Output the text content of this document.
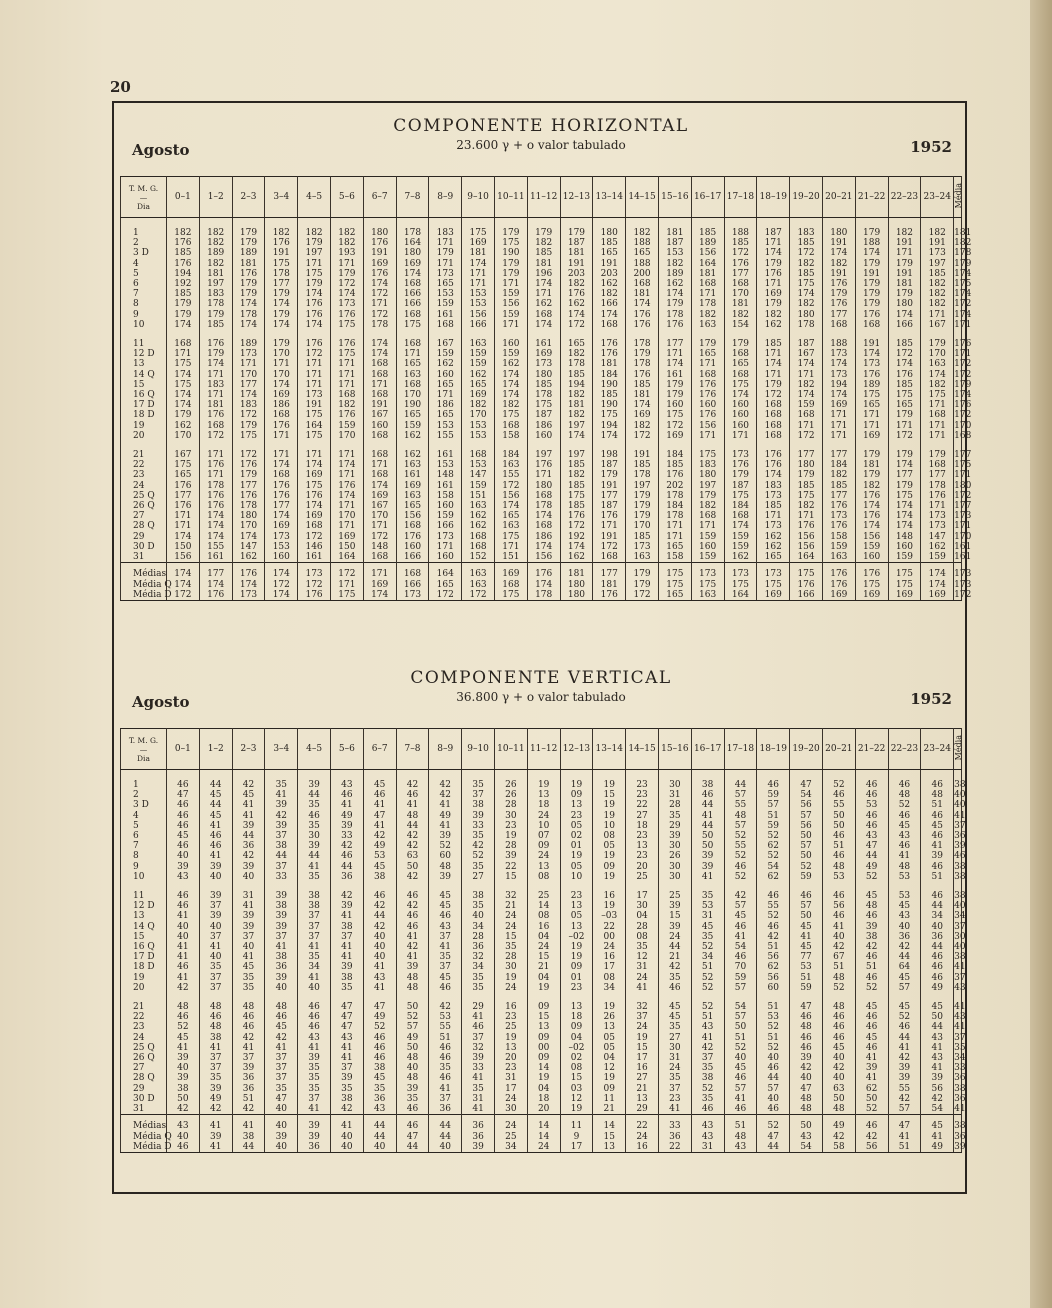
20
COMPONENTE HORIZONTAL
23.600 γ + o valor tabulado
Agosto	1952
T. M. G.
—
Dia	0–1	1–2	2–3	3–4	4–5	5–6	6–7	7–8	8–9	9–10	10–11	11–12	12–13	13–14	14–15	15–16	16–17	17–18	18–19	19–20	20–21	21–22	22–23	23–24	Média

1	182	182	179	182	182	182	180	178	183	175	179	179	179	180	182	181	185	188	187	183	180	179	182	182	181
2	176	182	179	176	179	182	176	164	171	169	175	182	187	185	188	187	189	185	171	185	191	188	191	191	182
3 D	185	189	189	191	197	193	191	180	179	181	190	185	181	165	165	153	156	172	174	172	174	174	171	173	178
4	176	182	181	175	171	171	169	169	171	174	179	181	191	191	188	182	164	176	179	182	182	179	179	197	179
5	194	181	176	178	175	179	176	174	173	171	179	196	203	203	200	189	181	177	176	185	191	191	191	185	174
6	192	197	179	177	179	172	174	168	165	171	171	174	182	162	168	162	168	168	171	175	176	179	181	182	175
7	185	183	179	179	174	174	172	166	153	153	159	171	176	182	181	174	171	170	169	174	179	179	179	182	174
8	179	178	174	174	176	173	171	166	159	153	156	162	162	166	174	179	178	181	179	182	176	179	180	182	172
9	179	179	178	179	176	176	172	168	161	156	159	168	174	174	176	178	182	182	182	180	177	176	174	171	174
10	174	185	174	174	174	175	178	175	168	166	171	174	172	168	176	176	163	154	162	178	168	168	166	167	171

11	168	176	189	179	176	176	174	168	167	163	160	161	165	176	178	177	179	179	185	187	188	191	185	179	176
12 D	171	179	173	170	172	175	174	171	159	159	159	169	182	176	179	171	165	168	171	167	173	174	172	170	171
13	175	174	171	171	171	171	168	165	162	159	162	173	178	181	178	174	171	165	174	174	174	173	174	163	172
14 Q	174	171	170	170	171	171	168	163	160	162	174	180	185	184	176	161	168	168	171	171	173	176	176	174	172
15	175	183	177	174	171	171	171	168	165	165	174	185	194	190	185	179	176	175	179	182	194	189	185	182	179
16 Q	174	171	174	169	173	168	168	170	171	169	174	178	182	185	181	179	176	174	172	174	174	175	175	175	174
17 D	174	181	183	186	191	182	191	190	186	182	182	175	181	190	174	160	160	160	168	159	169	165	165	171	176
18 D	179	176	172	168	175	176	167	165	165	170	175	187	182	175	169	175	176	160	168	168	171	171	179	168	172
19	162	168	179	176	164	159	160	159	153	153	168	186	197	194	182	172	156	160	168	171	171	171	171	171	170
20	170	172	175	171	175	170	168	162	155	153	158	160	174	174	172	169	171	171	168	172	171	169	172	171	168

21	167	171	172	171	171	171	168	162	161	168	184	197	197	198	191	184	175	173	176	177	177	179	179	179	177
22	175	176	176	174	174	174	171	163	153	153	163	176	185	187	185	185	183	176	176	180	184	181	174	168	175
23	165	171	179	168	169	171	168	161	148	147	155	171	182	179	178	176	180	179	174	179	182	179	177	177	171
24	176	178	177	176	175	176	174	169	161	159	172	180	185	191	197	202	197	187	183	185	185	182	179	178	180
25 Q	177	176	176	176	176	174	169	163	158	151	156	168	175	177	179	178	179	175	173	175	177	176	175	176	172
26 Q	176	176	178	177	174	171	167	165	160	163	174	178	185	187	179	184	182	184	185	182	176	174	174	171	177
27	171	174	180	174	169	170	170	156	159	162	165	174	176	176	179	178	168	168	171	171	173	176	174	173	173
28 Q	171	174	170	169	168	171	171	168	166	162	163	168	172	171	170	171	171	174	173	176	176	174	174	173	171
29	174	174	174	173	172	169	172	176	173	168	175	186	192	191	185	171	159	159	162	156	158	156	148	147	170
30 D	150	155	147	153	146	150	148	160	171	168	171	174	174	172	173	165	160	159	162	156	159	159	160	162	161
31	156	161	162	160	161	164	168	166	160	152	151	156	162	168	163	158	159	162	165	164	163	160	159	159	161
Médias	174	177	176	174	173	172	171	168	164	163	169	176	181	177	179	175	173	173	173	175	176	176	175	174	173
Média Q	174	174	174	172	172	171	169	166	165	163	168	174	180	181	179	175	175	175	175	176	176	175	175	174	173
Média D	172	176	173	174	176	175	174	173	172	172	175	178	180	176	172	165	163	164	169	166	169	169	169	169	172
COMPONENTE VERTICAL
36.800 γ + o valor tabulado
Agosto	1952
T. M. G.
—
Dia	0–1	1–2	2–3	3–4	4–5	5–6	6–7	7–8	8–9	9–10	10–11	11–12	12–13	13–14	14–15	15–16	16–17	17–18	18–19	19–20	20–21	21–22	22–23	23–24	Média

1	46	44	42	35	39	43	45	42	42	35	26	19	19	19	23	30	38	44	46	47	52	46	46	46	38
2	47	45	45	41	44	46	46	46	42	37	26	13	09	15	23	31	46	57	59	54	46	46	48	48	40
3 D	46	44	41	39	35	41	41	41	41	38	28	18	13	19	22	28	44	55	57	56	55	53	52	51	40
4	46	45	41	42	46	49	47	48	49	39	30	24	23	19	27	35	41	48	51	57	50	46	46	46	41
5	46	41	39	39	35	39	41	44	41	33	23	10	05	10	18	29	44	57	59	56	50	46	45	45	37
6	45	46	44	37	30	33	42	42	39	35	19	07	02	08	23	39	50	52	52	50	46	43	43	46	36
7	46	46	36	38	39	42	49	42	52	42	28	09	01	05	13	30	50	55	62	57	51	47	46	41	39
8	40	41	42	44	44	46	53	63	60	52	39	24	19	19	23	26	39	52	52	50	46	44	41	39	46
9	39	39	39	37	41	44	45	50	48	35	22	13	05	09	20	30	39	46	54	52	48	49	48	46	38
10	43	40	40	33	35	36	38	42	39	27	15	08	10	19	25	30	41	52	62	59	53	52	53	51	38

11	46	39	31	39	38	42	46	46	45	38	32	25	23	16	17	25	35	42	46	46	46	45	53	46	38
12 D	46	37	41	38	38	39	42	42	45	35	21	14	13	19	30	39	53	57	55	57	56	48	45	44	40
13	41	39	39	39	37	41	44	46	46	40	24	08	05	–03	04	15	31	45	52	50	46	46	43	34	34
14 Q	40	40	39	39	37	38	42	46	43	34	24	16	13	22	28	39	45	46	46	45	41	39	40	40	37
15	40	37	37	37	37	37	40	41	37	28	15	04	–02	00	08	24	35	41	42	41	40	38	36	36	30
16 Q	41	41	40	41	41	41	40	42	41	36	35	24	19	24	35	44	52	54	51	45	42	42	42	44	40
17 D	41	40	41	38	35	41	40	41	35	32	28	15	19	16	12	21	34	46	56	77	67	46	44	46	38
18 D	46	35	45	36	34	39	41	39	37	34	30	21	09	17	31	42	51	70	62	53	51	51	64	46	41
19	41	37	35	39	41	38	43	48	45	35	19	04	01	08	24	35	52	59	56	51	48	46	45	46	37
20	42	37	35	40	40	35	41	48	46	35	24	19	23	34	41	46	52	57	60	59	52	52	57	49	43

21	48	48	48	48	46	47	47	50	42	29	16	09	13	19	32	45	52	54	51	47	48	45	45	45	41
22	46	46	46	46	46	47	49	52	53	41	23	15	18	26	37	45	51	57	53	46	46	46	52	50	43
23	52	48	46	45	46	47	52	57	55	46	25	13	09	13	24	35	43	50	52	48	46	46	46	44	41
24	45	38	42	42	43	43	46	49	51	37	19	09	04	05	19	27	41	51	51	46	46	45	44	43	37
25 Q	41	41	41	41	41	41	46	50	46	32	13	00	–02	05	15	30	42	52	52	46	45	46	41	41	35
26 Q	39	37	37	37	39	41	46	48	46	39	20	09	02	04	17	31	37	40	40	39	40	41	42	43	34
27	40	37	39	37	35	37	38	40	35	33	23	14	08	12	16	24	35	45	46	42	42	39	39	41	33
28 Q	39	35	36	37	35	39	45	48	46	41	31	19	15	19	27	35	38	46	44	40	40	41	39	39	36
29	38	39	36	35	35	35	35	39	41	35	17	04	03	09	21	37	52	57	57	47	63	62	55	56	38
30 D	50	49	51	47	37	38	36	35	37	31	24	18	12	11	13	23	35	41	40	48	50	50	42	42	36
31	42	42	42	40	41	42	43	46	36	41	30	20	19	21	29	41	46	46	46	48	48	52	57	54	41
Médias	43	41	41	40	39	41	44	46	44	36	24	14	11	14	22	33	43	51	52	50	49	46	47	45	38
Média Q	40	39	38	39	39	40	44	47	44	36	25	14	9	15	24	36	43	48	47	43	42	42	41	41	36
Média D	46	41	44	40	36	40	40	44	40	39	34	24	17	13	16	22	31	43	44	54	58	56	51	49	39
